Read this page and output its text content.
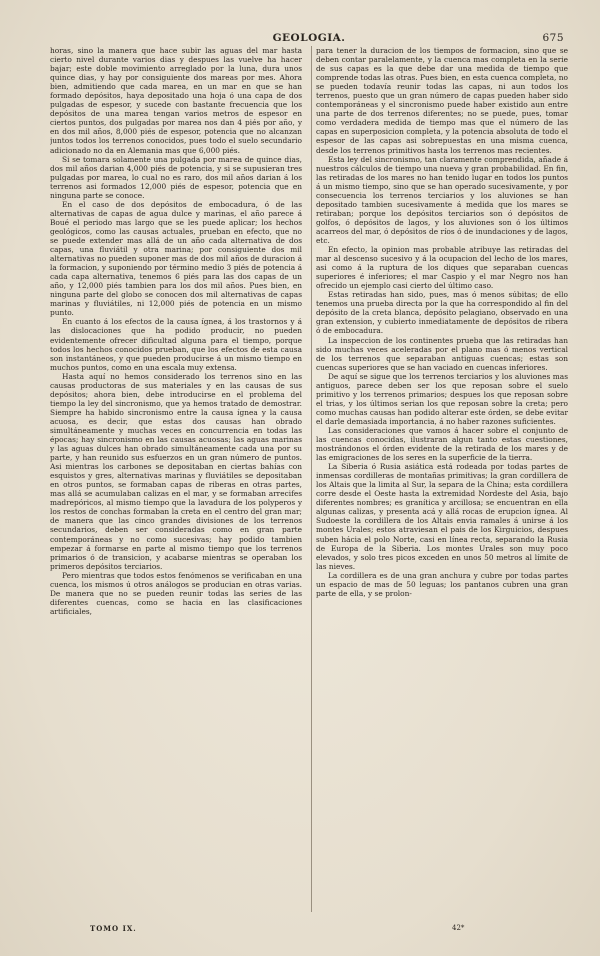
GEOLOGIA.	675

horas, sino la manera que hace subir las aguas del mar hasta cierto nivel durante varios dias y despues las vuelve ha hacer bajar; este doble movimiento arreglado por la luna, dura unos quince dias, y hay por consiguiente dos mareas por mes. Ahora bien, admitiendo que cada marea, en un mar en que se han formado depósitos, haya depositado una hoja ó una capa de dos pulgadas de espesor, y sucede con bastante frecuencia que los depósitos de una marea tengan varios metros de espesor en ciertos puntos, dos pulgadas por marea nos dan 4 piés por año, y en dos mil años, 8,000 piés de espesor, potencia que no alcanzan juntos todos los terrenos conocidos, pues todo el suelo secundario adicionado no da en Alemania mas que 6,000 piés.

Si se tomara solamente una pulgada por marea de quince dias, dos mil años darian 4,000 piés de potencia, y si se supusieran tres pulgadas por marea, lo cual no es raro, dos mil años darian á los terrenos asi formados 12,000 piés de espesor, potencia que en ninguna parte se conoce.

En el caso de dos depósitos de embocadura, ó de las alternativas de capas de agua dulce y marinas, el año parece á Boué el periodo mas largo que se les puede aplicar; los hechos geológicos, como las causas actuales, prueban en efecto, que no se puede extender mas allá de un año cada alternativa de dos capas, una fluviátil y otra marina; por consiguiente dos mil alternativas no pueden suponer mas de dos mil años de duracion á la formacion, y suponiendo por término medio 3 piés de potencia á cada capa alternativa, tenemos 6 piés para las dos capas de un año, y 12,000 piés tambien para los dos mil años. Pues bien, en ninguna parte del globo se conocen dos mil alternativas de capas marinas y fluviátiles, ni 12,000 piés de potencia en un mismo punto.

En cuanto á los efectos de la causa ígnea, á los trastornos y á las dislocaciones que ha podido producir, no pueden evidentemente ofrecer dificultad alguna para el tiempo, porque todos los hechos conocidos prueban, que los efectos de esta causa son instantáneos, y que pueden producirse á un mismo tiempo en muchos puntos, como en una escala muy extensa.

Hasta aquí no hemos considerado los terrenos sino en las causas productoras de sus materiales y en las causas de sus depósitos; ahora bien, debe introducirse en el problema del tiempo la ley del sincronismo, que ya hemos tratado de demostrar. Siempre ha habido sincronismo entre la causa ígnea y la causa acuosa, es decir, que estas dos causas han obrado simultáneamente y muchas veces en concurrencia en todas las épocas; hay sincronismo en las causas acuosas; las aguas marinas y las aguas dulces han obrado simultáneamente cada una por su parte, y han reunido sus esfuerzos en un gran número de puntos. Asi mientras los carbones se depositaban en ciertas bahías con esquistos y gres, alternativas marinas y fluviátiles se depositaban en otros puntos, se formaban capas de riberas en otras partes, mas allá se acumulaban calizas en el mar, y se formaban arrecifes madrepóricos, al mismo tiempo que la lavadura de los polyperos y los restos de conchas formaban la creta en el centro del gran mar; de manera que las cinco grandes divisiones de los terrenos secundarios, deben ser consideradas como en gran parte contemporáneas y no como sucesivas; hay podido tambien empezar á formarse en parte al mismo tiempo que los terrenos primarios ó de transicion, y acabarse mientras se operaban los primeros depósitos terciarios.

Pero mientras que todos estos fenómenos se verificaban en una cuenca, los mismos ú otros análogos se producian en otras varias. De manera que no se pueden reunir todas las series de las diferentes cuencas, como se hacia en las clasificaciones artificiales,

para tener la duracion de los tiempos de formacion, sino que se deben contar paralelamente, y la cuenca mas completa en la serie de sus capas es la que debe dar una medida de tiempo que comprende todas las otras. Pues bien, en esta cuenca completa, no se pueden todavía reunir todas las capas, ni aun todos los terrenos, puesto que un gran número de capas pueden haber sido contemporáneas y el sincronismo puede haber existido aun entre una parte de dos terrenos diferentes; no se puede, pues, tomar como verdadera medida de tiempo mas que el número de las capas en superposicion completa, y la potencia absoluta de todo el espesor de las capas asi sobrepuestas en una misma cuenca, desde los terrenos primitivos hasta los terrenos mas recientes.

Esta ley del sincronismo, tan claramente comprendida, añade á nuestros cálculos de tiempo una nueva y gran probabilidad. En fin, las retiradas de los mares no han tenido lugar en todos los puntos á un mismo tiempo, sino que se han operado sucesivamente, y por consecuencia los terrenos terciarios y los aluviones se han depositado tambien sucesivamente á medida que los mares se retiraban; porque los depósitos terciarios son ó depósitos de golfos, ó depósitos de lagos, y los aluviones son ó los últimos acarreos del mar, ó depósitos de ríos ó de inundaciones y de lagos, etc.

En efecto, la opinion mas probable atribuye las retiradas del mar al descenso sucesivo y á la ocupacion del lecho de los mares, asi como á la ruptura de los diques que separaban cuencas superiores é inferiores; el mar Caspio y el mar Negro nos han ofrecido un ejemplo casi cierto del último caso.

Estas retiradas han sido, pues, mas ó menos súbitas; de ello tenemos una prueba directa por la que ha correspondido al fin del depósito de la creta blanca, depósito pelagiano, observado en una gran extension, y cubierto inmediatamente de depósitos de ribera ó de embocadura.

La inspeccion de los continentes prueba que las retiradas han sido muchas veces aceleradas por el plano mas ó menos vertical de los terrenos que separaban antiguas cuencas; estas son cuencas superiores que se han vaciado en cuencas inferiores.

De aquí se sigue que los terrenos terciarios y los aluviones mas antiguos, parece deben ser los que reposan sobre el suelo primitivo y los terrenos primarios; despues los que reposan sobre el trias, y los últimos serian los que reposan sobre la creta; pero como muchas causas han podido alterar este órden, se debe evitar el darle demasiada importancia, á no haber razones suficientes.

Las consideraciones que vamos á hacer sobre el conjunto de las cuencas conocidas, ilustraran algun tanto estas cuestiones, mostrándonos el órden evidente de la retirada de los mares y de las emigraciones de los seres en la superficie de la tierra.

La Siberia ó Rusia asiática está rodeada por todas partes de inmensas cordilleras de montañas primitivas; la gran cordillera de los Altais que la limita al Sur, la separa de la China; esta cordillera corre desde el Oeste hasta la extremidad Nordeste del Asia, bajo diferentes nombres; es granítica y arcillosa; se encuentran en ella algunas calizas, y presenta acá y allá rocas de erupcion ígnea. Al Sudoeste la cordillera de los Altais envia ramales á unirse á los montes Urales; estos atraviesan el pais de los Kirguicios, despues suben hácia el polo Norte, casi en línea recta, separando la Rusia de Europa de la Siberia. Los montes Urales son muy poco elevados, y solo tres picos exceden en unos 50 metros al límite de las nieves.

La cordillera es de una gran anchura y cubre por todas partes un espacio de mas de 50 leguas; los pantanos cubren una gran parte de ella, y se prolon-

TOMO IX.	42*
